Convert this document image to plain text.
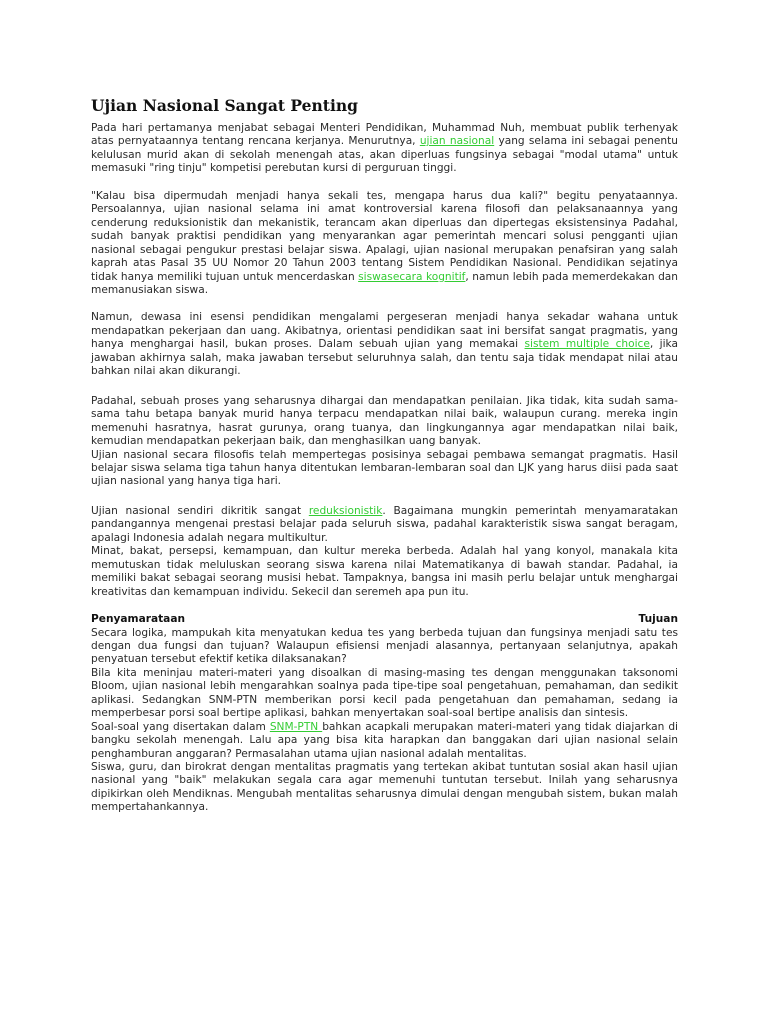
Ujian Nasional Sangat Penting

Pada hari pertamanya menjabat sebagai Menteri Pendidikan, Muhammad Nuh, membuat publik terhenyak atas pernyataannya tentang rencana kerjanya. Menurutnya, ujian nasional yang selama ini sebagai penentu kelulusan murid akan di sekolah menengah atas, akan diperluas fungsinya sebagai "modal utama" untuk memasuki "ring tinju" kompetisi perebutan kursi di perguruan tinggi.

"Kalau bisa dipermudah menjadi hanya sekali tes, mengapa harus dua kali?" begitu penyataannya. Persoalannya, ujian nasional selama ini amat kontroversial karena filosofi dan pelaksanaannya yang cenderung reduksionistik dan mekanistik, terancam akan diperluas dan dipertegas eksistensinya Padahal, sudah banyak praktisi pendidikan yang menyarankan agar pemerintah mencari solusi pengganti ujian nasional sebagai pengukur prestasi belajar siswa. Apalagi, ujian nasional merupakan penafsiran yang salah kaprah atas Pasal 35 UU Nomor 20 Tahun 2003 tentang Sistem Pendidikan Nasional. Pendidikan sejatinya tidak hanya memiliki tujuan untuk mencerdaskan siswasecara kognitif, namun lebih pada memerdekakan dan memanusiakan siswa.

Namun, dewasa ini esensi pendidikan mengalami pergeseran menjadi hanya sekadar wahana untuk mendapatkan pekerjaan dan uang. Akibatnya, orientasi pendidikan saat ini bersifat sangat pragmatis, yang hanya menghargai hasil, bukan proses. Dalam sebuah ujian yang memakai sistem multiple choice, jika jawaban akhirnya salah, maka jawaban tersebut seluruhnya salah, dan tentu saja tidak mendapat nilai atau bahkan nilai akan dikurangi.

Padahal, sebuah proses yang seharusnya dihargai dan mendapatkan penilaian. Jika tidak, kita sudah sama-sama tahu betapa banyak murid hanya terpacu mendapatkan nilai baik, walaupun curang. mereka ingin memenuhi hasratnya, hasrat gurunya, orang tuanya, dan lingkungannya agar mendapatkan nilai baik, kemudian mendapatkan pekerjaan baik, dan menghasilkan uang banyak.

Ujian nasional secara filosofis telah mempertegas posisinya sebagai pembawa semangat pragmatis. Hasil belajar siswa selama tiga tahun hanya ditentukan lembaran-lembaran soal dan LJK yang harus diisi pada saat ujian nasional yang hanya tiga hari.

Ujian nasional sendiri dikritik sangat reduksionistik. Bagaimana mungkin pemerintah menyamaratakan pandangannya mengenai prestasi belajar pada seluruh siswa, padahal karakteristik siswa sangat beragam, apalagi Indonesia adalah negara multikultur.

Minat, bakat, persepsi, kemampuan, dan kultur mereka berbeda. Adalah hal yang konyol, manakala kita memutuskan tidak meluluskan seorang siswa karena nilai Matematikanya di bawah standar. Padahal, ia memiliki bakat sebagai seorang musisi hebat. Tampaknya, bangsa ini masih perlu belajar untuk menghargai kreativitas dan kemampuan individu. Sekecil dan seremeh apa pun itu.

Penyamarataan	Tujuan

Secara logika, mampukah kita menyatukan kedua tes yang berbeda tujuan dan fungsinya menjadi satu tes dengan dua fungsi dan tujuan? Walaupun efisiensi menjadi alasannya, pertanyaan selanjutnya, apakah penyatuan tersebut efektif ketika dilaksanakan?

Bila kita meninjau materi-materi yang disoalkan di masing-masing tes dengan menggunakan taksonomi Bloom, ujian nasional lebih mengarahkan soalnya pada tipe-tipe soal pengetahuan, pemahaman, dan sedikit aplikasi. Sedangkan SNM-PTN memberikan porsi kecil pada pengetahuan dan pemahaman, sedang ia memperbesar porsi soal bertipe aplikasi, bahkan menyertakan soal-soal bertipe analisis dan sintesis.

Soal-soal yang disertakan dalam SNM-PTN bahkan acapkali merupakan materi-materi yang tidak diajarkan di bangku sekolah menengah. Lalu apa yang bisa kita harapkan dan banggakan dari ujian nasional selain penghamburan anggaran? Permasalahan utama ujian nasional adalah mentalitas.

Siswa, guru, dan birokrat dengan mentalitas pragmatis yang tertekan akibat tuntutan sosial akan hasil ujian nasional yang "baik" melakukan segala cara agar memenuhi tuntutan tersebut. Inilah yang seharusnya dipikirkan oleh Mendiknas. Mengubah mentalitas seharusnya dimulai dengan mengubah sistem, bukan malah mempertahankannya.
